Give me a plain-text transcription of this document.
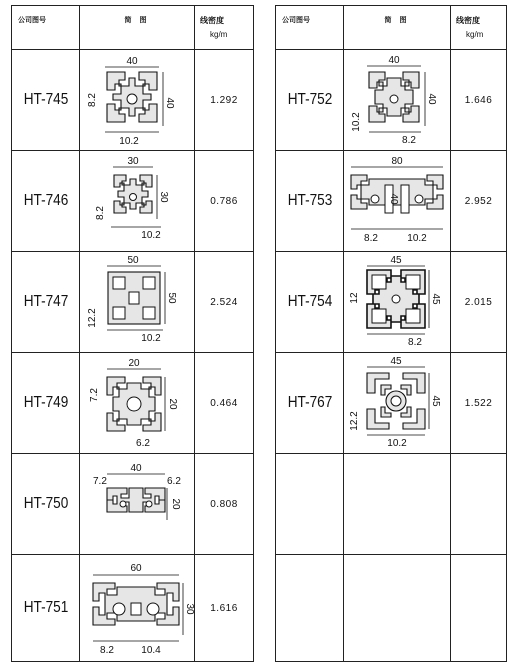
公司图号	简 图	线密度
kg/m

HT-745	40
40
8.2
10.2	1.292
HT-746	30
30
8.2
10.2	0.786
HT-747	50
50
12.2
10.2	2.524
HT-749	20
20
7.2
6.2	0.464
HT-750	40
7.2 6.2
20	0.808
HT-751	60
30
8.2 10.4	1.616
公司图号	简 图	线密度
kg/m

HT-752	40
40
10.2
8.2	1.646
HT-753	80
40
8.2 10.2	2.952
HT-754	45
45
12
8.2	2.015
HT-767	45
45
12.2
10.2	1.522
